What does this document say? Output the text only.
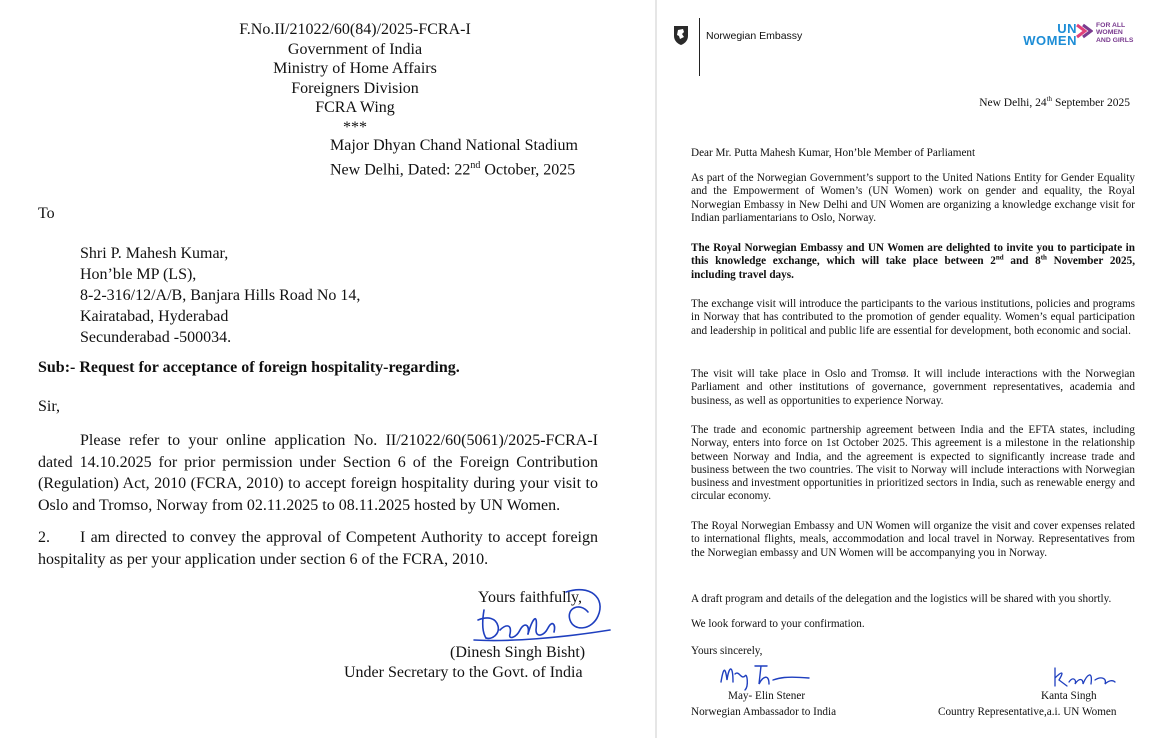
F.No.II/21022/60(84)/2025-FCRA-I
Government of India
Ministry of Home Affairs
Foreigners Division
FCRA Wing
***
Major Dhyan Chand National Stadium
New Delhi, Dated: 22nd October, 2025
To
Shri P. Mahesh Kumar,
Hon’ble MP (LS),
8-2-316/12/A/B, Banjara Hills Road No 14,
Kairatabad, Hyderabad
Secunderabad -500034.
Sub:- Request for acceptance of foreign hospitality-regarding.
Sir,
Please refer to your online application No. II/21022/60(5061)/2025-FCRA-I dated 14.10.2025 for prior permission under Section 6 of the Foreign Contribution (Regulation) Act, 2010 (FCRA, 2010) to accept foreign hospitality during your visit to Oslo and Tromso, Norway from 02.11.2025 to 08.11.2025 hosted by UN Women.
2. I am directed to convey the approval of Competent Authority to accept foreign hospitality as per your application under section 6 of the FCRA, 2010.
Yours faithfully,
(Dinesh Singh Bisht)
Under Secretary to the Govt. of India
Norwegian Embassy	UN
WOMEN
FOR ALL
WOMEN
AND GIRLS
New Delhi, 24th September 2025
Dear Mr. Putta Mahesh Kumar, Hon’ble Member of Parliament
As part of the Norwegian Government’s support to the United Nations Entity for Gender Equality and the Empowerment of Women’s (UN Women) work on gender and equality, the Royal Norwegian Embassy in New Delhi and UN Women are organizing a knowledge exchange visit for Indian parliamentarians to Oslo, Norway.
The Royal Norwegian Embassy and UN Women are delighted to invite you to participate in this knowledge exchange, which will take place between 2nd and 8th November 2025, including travel days.
The exchange visit will introduce the participants to the various institutions, policies and programs in Norway that has contributed to the promotion of gender equality. Women’s equal participation and leadership in political and public life are essential for development, both economic and social.
The visit will take place in Oslo and Tromsø. It will include interactions with the Norwegian Parliament and other institutions of governance, government representatives, academia and business, as well as opportunities to experience Norway.
The trade and economic partnership agreement between India and the EFTA states, including Norway, enters into force on 1st October 2025. This agreement is a milestone in the relationship between Norway and India, and the agreement is expected to significantly increase trade and business between the two countries. The visit to Norway will include interactions with Norwegian business and investment opportunities in prioritized sectors in India, such as renewable energy and circular economy.
The Royal Norwegian Embassy and UN Women will organize the visit and cover expenses related to international flights, meals, accommodation and local travel in Norway. Representatives from the Norwegian embassy and UN Women will be accompanying you in Norway.
A draft program and details of the delegation and the logistics will be shared with you shortly.
We look forward to your confirmation.
Yours sincerely,
May- Elin Stener
Norwegian Ambassador to India
Kanta Singh
Country Representative,a.i. UN Women
